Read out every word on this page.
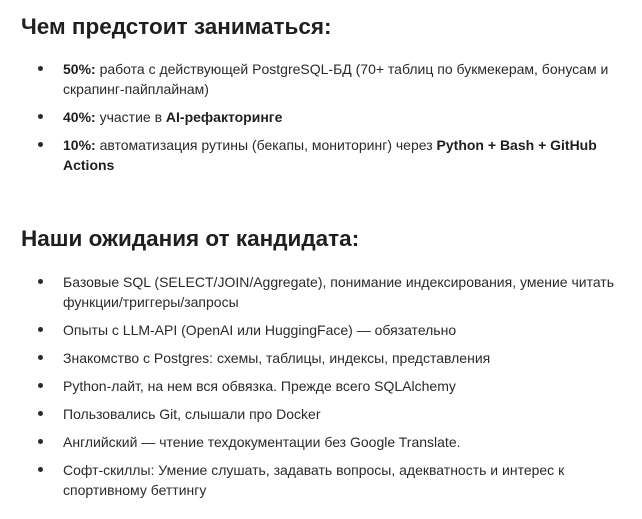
Чем предстоит заниматься:
50%: работа с действующей PostgreSQL-БД (70+ таблиц по букмекерам, бонусам и скрапинг-пайплайнам)
40%: участие в AI-рефакторинге
10%: автоматизация рутины (бекапы, мониторинг) через Python + Bash + GitHub Actions
Наши ожидания от кандидата:
Базовые SQL (SELECT/JOIN/Aggregate), понимание индексирования, умение читать функции/триггеры/запросы
Опыты с LLM-API (OpenAI или HuggingFace) — обязательно
Знакомство с Postgres: схемы, таблицы, индексы, представления
Python-лайт, на нем вся обвязка. Прежде всего SQLAlchemy
Пользовались Git, слышали про Docker
Английский — чтение техдокументации без Google Translate.
Софт-скиллы: Умение слушать, задавать вопросы, адекватность и интерес к спортивному беттингу
